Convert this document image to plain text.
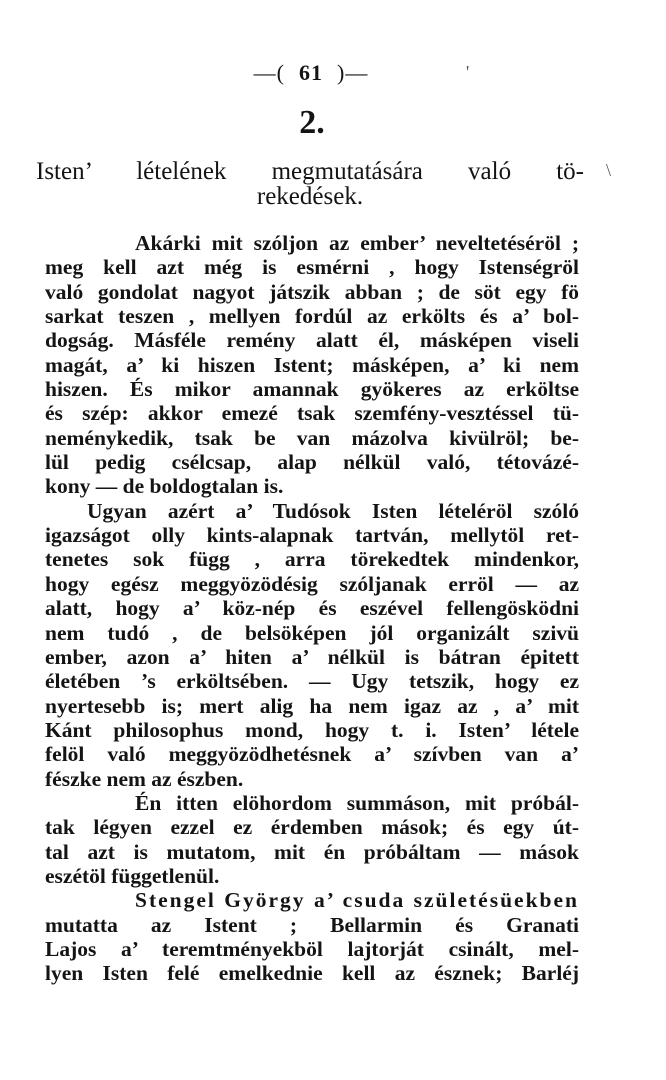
—( 61 )—
2.
Isten’ lételének megmutatására való tö-
rekedések.
Akárki mit szóljon az ember’ neveltetéséröl ;
meg kell azt még is esmérni , hogy Istenségröl
való gondolat nagyot játszik abban ; de söt egy fö
sarkat teszen , mellyen fordúl az erkölts és a’ bol-
dogság. Másféle remény alatt él, másképen viseli
magát, a’ ki hiszen Istent; másképen, a’ ki nem
hiszen. És mikor amannak gyökeres az erköltse
és szép: akkor emezé tsak szemfény-vesztéssel tü-
neménykedik, tsak be van mázolva kivülröl; be-
lül pedig csélcsap, alap nélkül való, tétovázé-
kony — de boldogtalan is.
Ugyan azért a’ Tudósok Isten lételéröl szóló
igazságot olly kints-alapnak tartván, mellytöl ret-
tenetes sok függ , arra törekedtek mindenkor,
hogy egész meggyözödésig szóljanak erröl — az
alatt, hogy a’ köz-nép és eszével fellengösködni
nem tudó , de belsöképen jól organizált szivü
ember, azon a’ hiten a’ nélkül is bátran épitett
életében ’s erköltsében. — Ugy tetszik, hogy ez
nyertesebb is; mert alig ha nem igaz az , a’ mit
Kánt philosophus mond, hogy t. i. Isten’ létele
felöl való meggyözödhetésnek a’ szívben van a’
fészke nem az észben.
Én itten elöhordom summáson, mit próbál-
tak légyen ezzel ez érdemben mások; és egy út-
tal azt is mutatom, mit én próbáltam — mások
eszétöl függetlenül.
Stengel György a’ csuda születésüekben
mutatta az Istent ; Bellarmin és Granati
Lajos a’ teremtményekböl lajtorját csinált, mel-
lyen Isten felé emelkednie kell az észnek; Barléj
'
\
